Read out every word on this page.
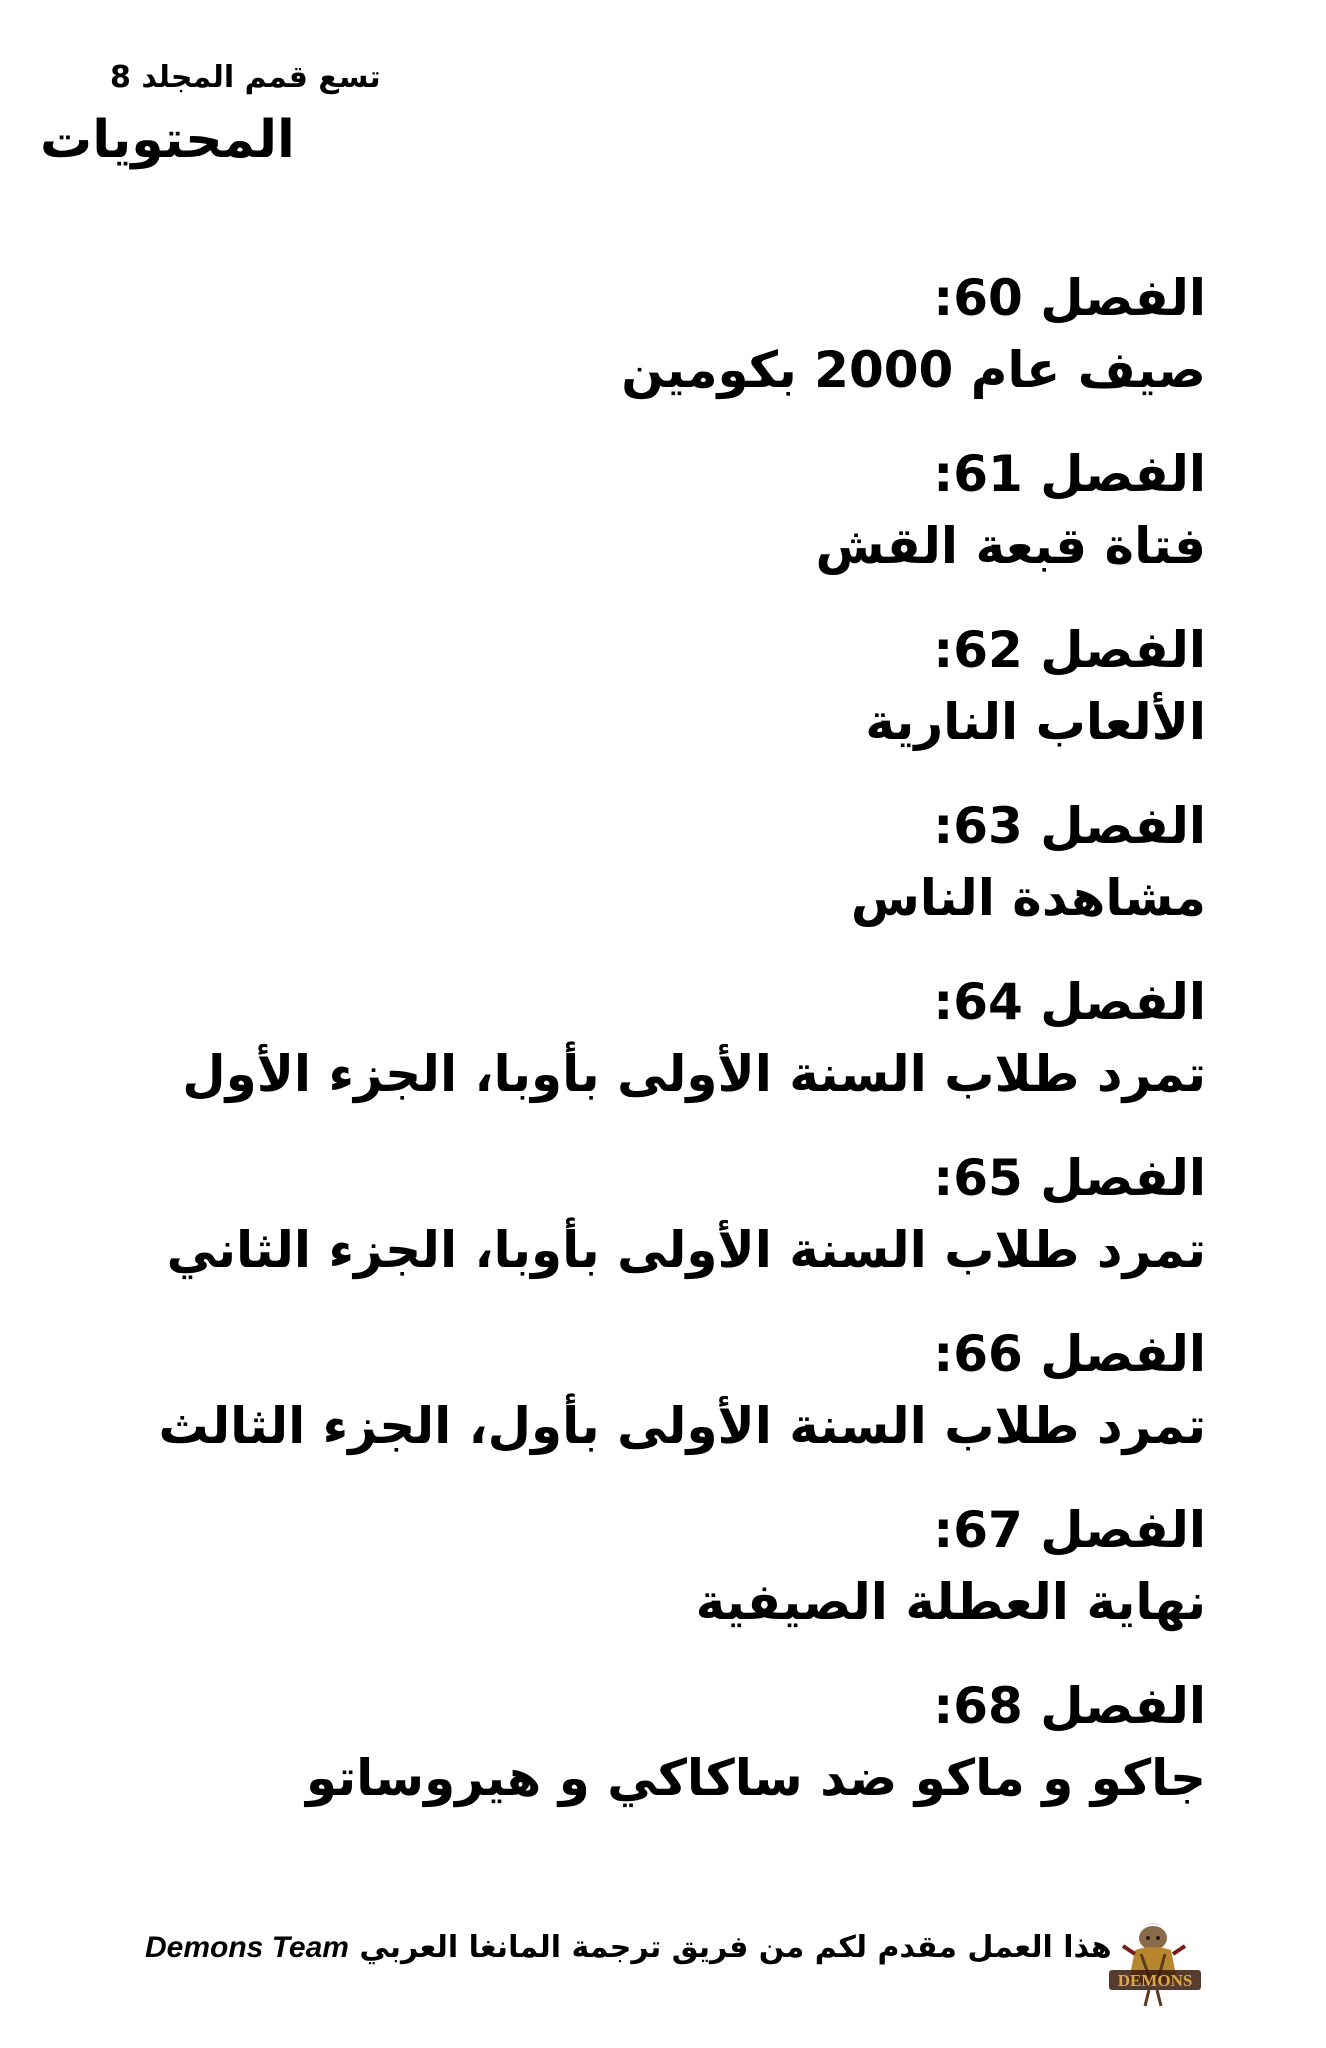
تسع قمم المجلد 8
المحتويات
الفصل 60:
صيف عام 2000 بكومين
الفصل 61:
فتاة قبعة القش
الفصل 62:
الألعاب النارية
الفصل 63:
مشاهدة الناس
الفصل 64:
تمرد طلاب السنة الأولى بأوبا، الجزء الأول
الفصل 65:
تمرد طلاب السنة الأولى بأوبا، الجزء الثاني
الفصل 66:
تمرد طلاب السنة الأولى بأول، الجزء الثالث
الفصل 67:
نهاية العطلة الصيفية
الفصل 68:
جاكو و ماكو ضد ساكاكي و هيروساتو
هذا العمل مقدم لكم من فريق ترجمة المانغا العربي Demons Team
DEMONS
